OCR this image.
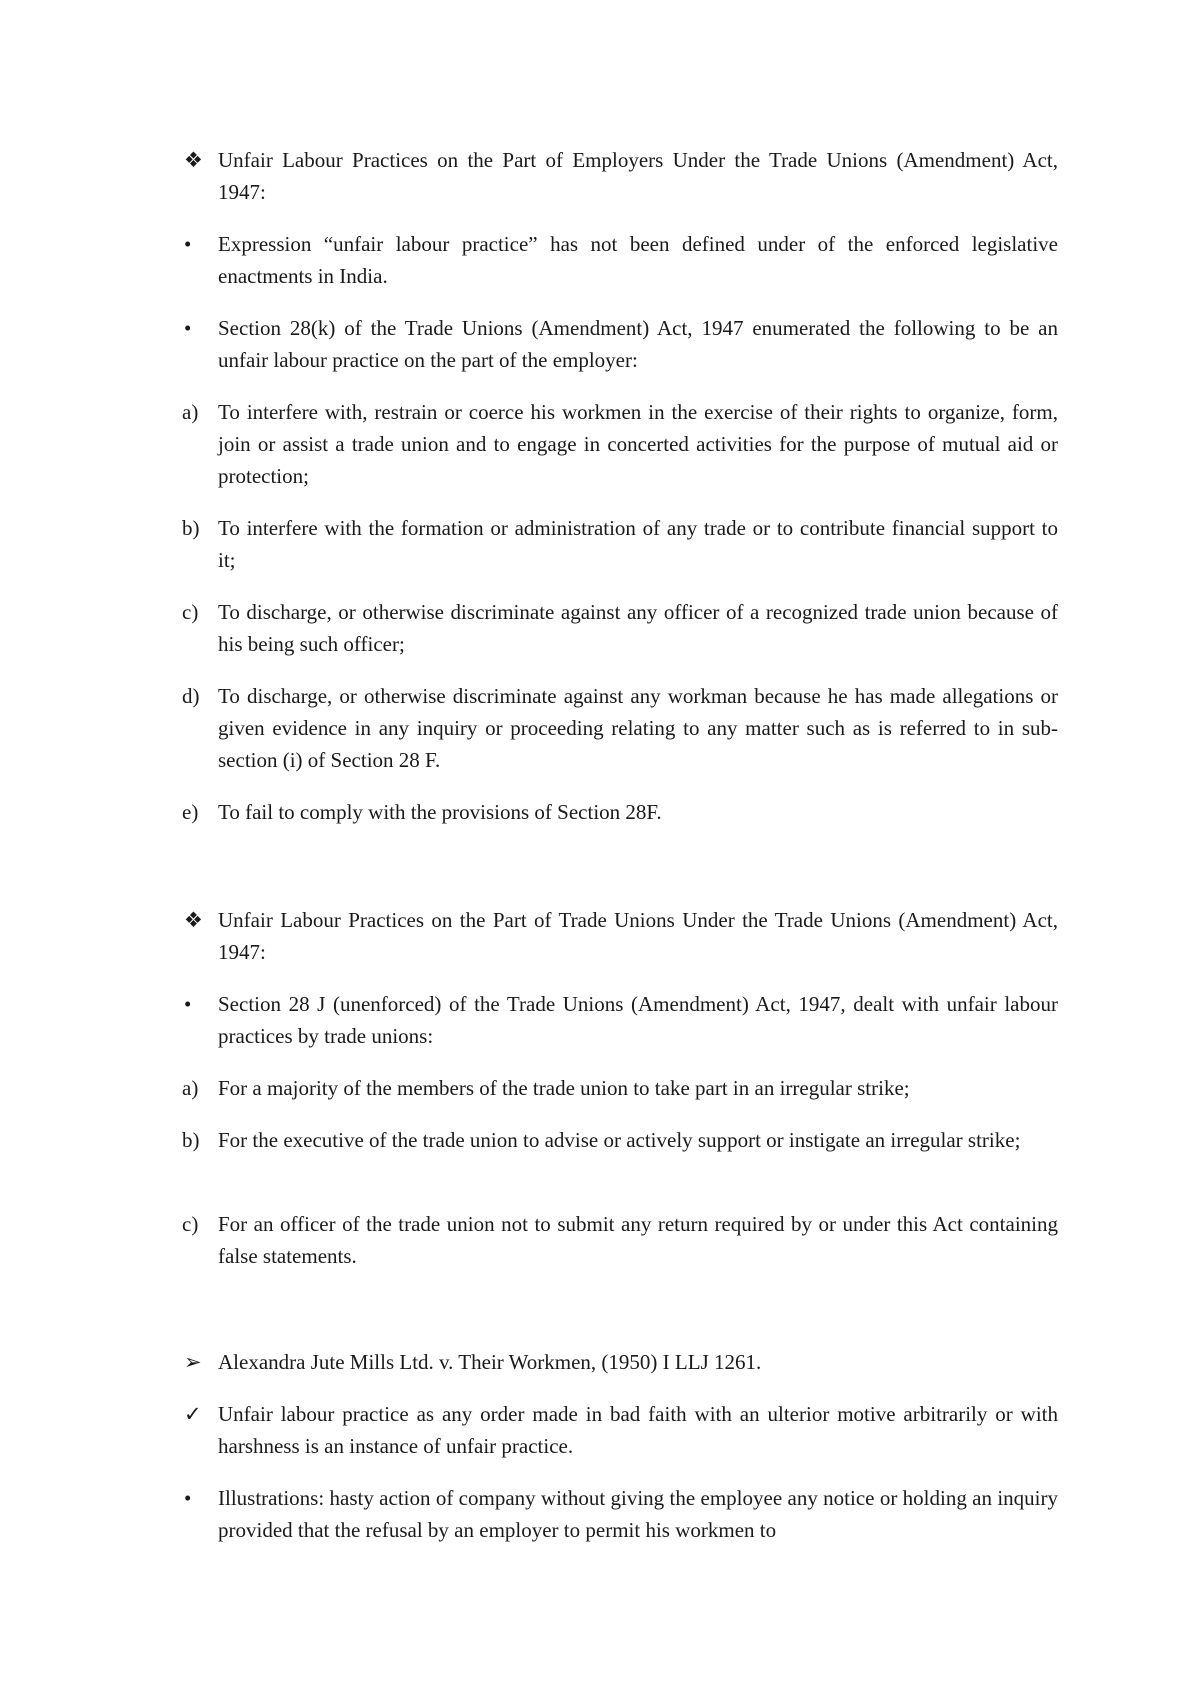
❖ Unfair Labour Practices on the Part of Employers Under the Trade Unions (Amendment) Act, 1947:

• Expression “unfair labour practice” has not been defined under of the enforced legislative enactments in India.

• Section 28(k) of the Trade Unions (Amendment) Act, 1947 enumerated the following to be an unfair labour practice on the part of the employer:

a) To interfere with, restrain or coerce his workmen in the exercise of their rights to organize, form, join or assist a trade union and to engage in concerted activities for the purpose of mutual aid or protection;

b) To interfere with the formation or administration of any trade or to contribute financial support to it;

c) To discharge, or otherwise discriminate against any officer of a recognized trade union because of his being such officer;

d) To discharge, or otherwise discriminate against any workman because he has made allegations or given evidence in any inquiry or proceeding relating to any matter such as is referred to in sub-section (i) of Section 28 F.

e) To fail to comply with the provisions of Section 28F.

❖ Unfair Labour Practices on the Part of Trade Unions Under the Trade Unions (Amendment) Act, 1947:

• Section 28 J (unenforced) of the Trade Unions (Amendment) Act, 1947, dealt with unfair labour practices by trade unions:

a) For a majority of the members of the trade union to take part in an irregular strike;

b) For the executive of the trade union to advise or actively support or instigate an irregular strike;

c) For an officer of the trade union not to submit any return required by or under this Act containing false statements.

➢ Alexandra Jute Mills Ltd. v. Their Workmen, (1950) I LLJ 1261.

✓ Unfair labour practice as any order made in bad faith with an ulterior motive arbitrarily or with harshness is an instance of unfair practice.

• Illustrations: hasty action of company without giving the employee any notice or holding an inquiry provided that the refusal by an employer to permit his workmen to
